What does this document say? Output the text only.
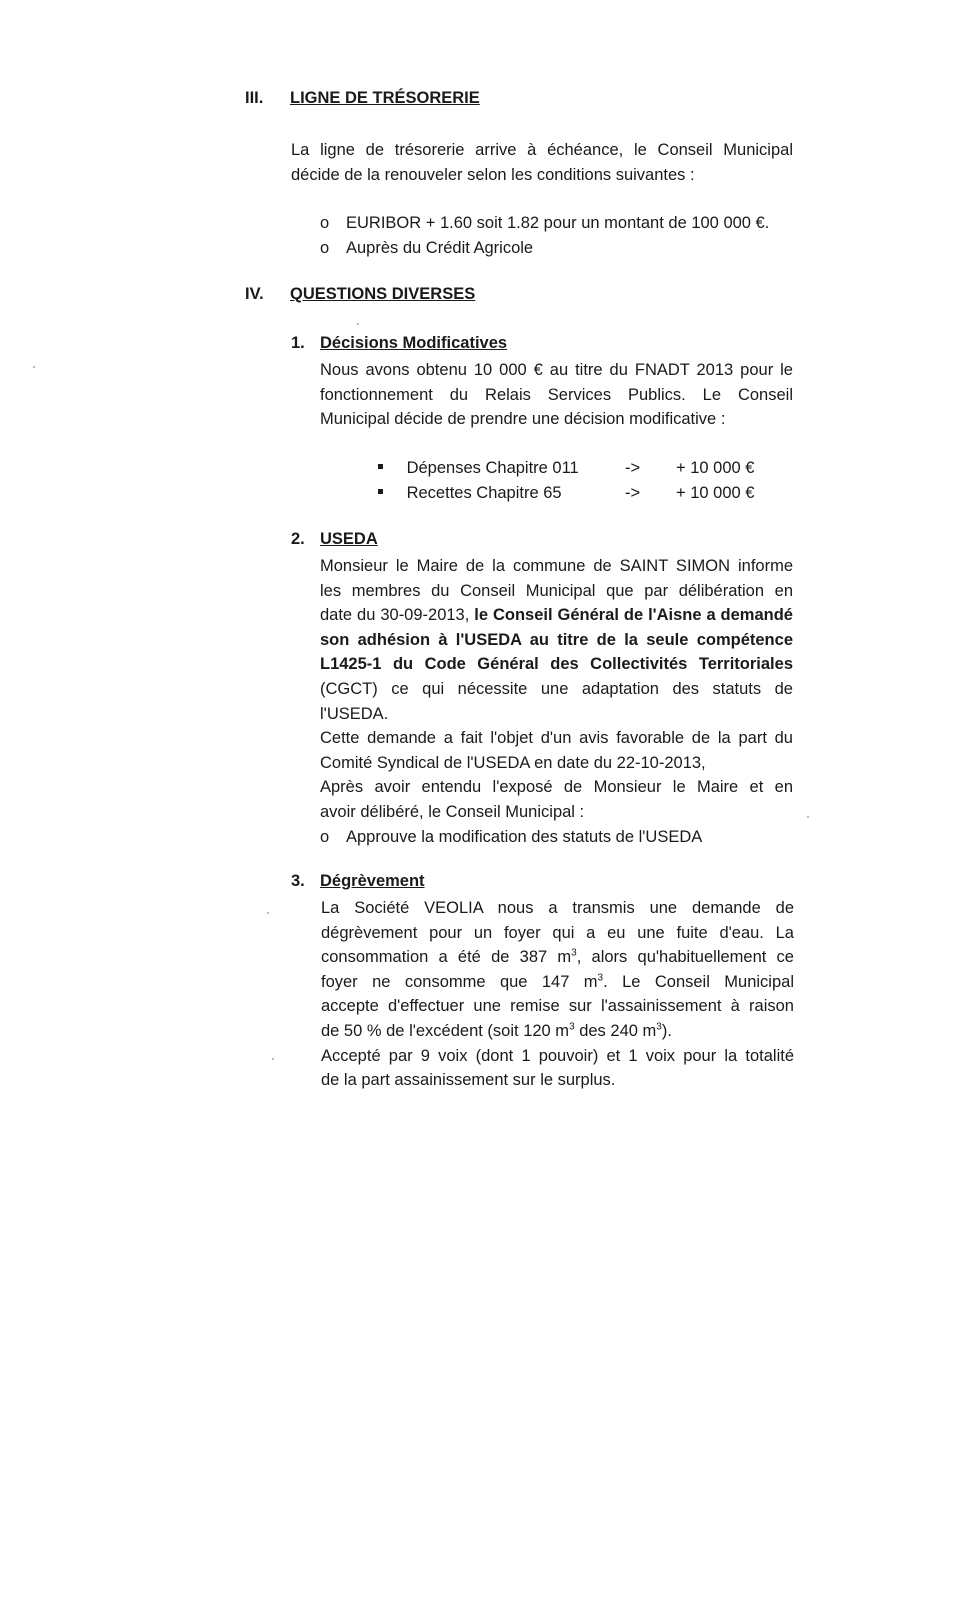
III. LIGNE DE TRÉSORERIE
La ligne de trésorerie arrive à échéance, le Conseil Municipal
décide de la renouveler selon les conditions suivantes :
o EURIBOR + 1.60 soit 1.82 pour un montant de 100 000 €.
o Auprès du Crédit Agricole
IV. QUESTIONS DIVERSES
1. Décisions Modificatives
Nous avons obtenu 10 000 € au titre du FNADT 2013 pour le
fonctionnement du Relais Services Publics. Le Conseil
Municipal décide de prendre une décision modificative :
Dépenses Chapitre 011	-> + 10 000 €
Recettes Chapitre 65	-> + 10 000 €
2. USEDA
Monsieur le Maire de la commune de SAINT SIMON informe
les membres du Conseil Municipal que par délibération en
date du 30-09-2013, le Conseil Général de l'Aisne a demandé
son adhésion à l'USEDA au titre de la seule compétence
L1425-1 du Code Général des Collectivités Territoriales
(CGCT) ce qui nécessite une adaptation des statuts de
l'USEDA.
Cette demande a fait l'objet d'un avis favorable de la part du
Comité Syndical de l'USEDA en date du 22-10-2013,
Après avoir entendu l'exposé de Monsieur le Maire et en
avoir délibéré, le Conseil Municipal :
o Approuve la modification des statuts de l'USEDA
3. Dégrèvement
La Société VEOLIA nous a transmis une demande de
dégrèvement pour un foyer qui a eu une fuite d'eau. La
consommation a été de 387 $m^3$, alors qu'habituellement ce
foyer ne consomme que 147 $m^3$. Le Conseil Municipal
accepte d'effectuer une remise sur l'assainissement à raison
de 50 % de l'excédent (soit 120 $m^3$ des 240 $m^3$).
Accepté par 9 voix (dont 1 pouvoir) et 1 voix pour la totalité
de la part assainissement sur le surplus.
